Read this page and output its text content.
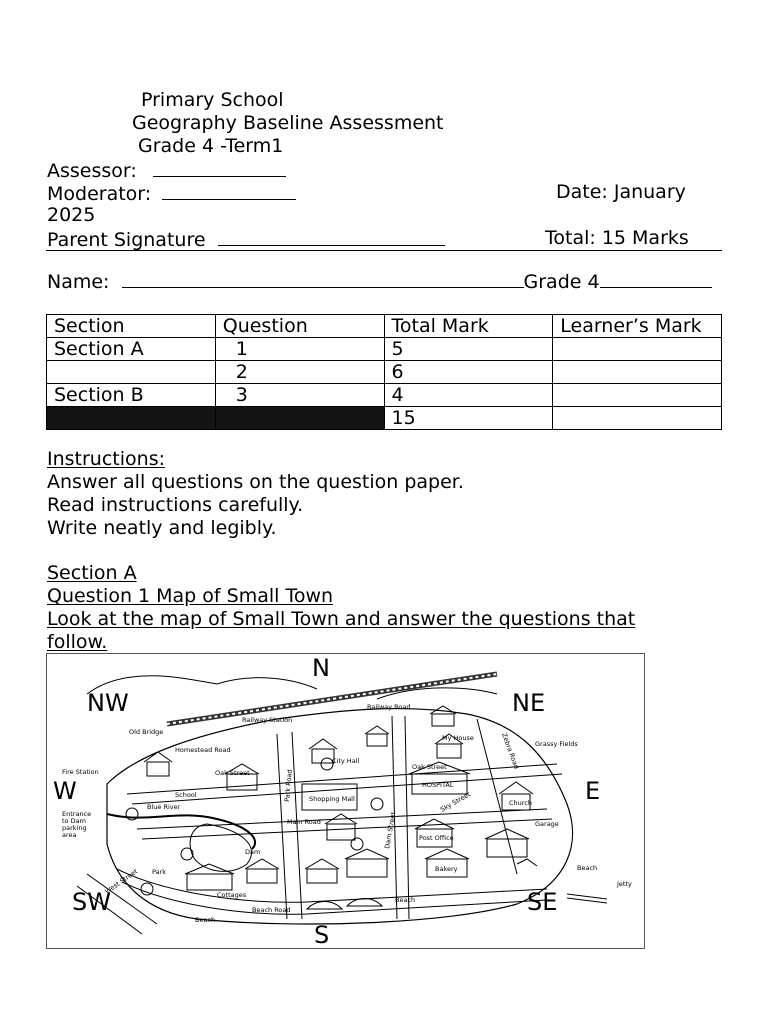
Primary School
Geography Baseline Assessment
Grade 4 -Term1
Assessor:
Moderator:	Date: January
2025
Parent Signature	Total: 15 Marks
Name:	Grade 4
Section	Question	Total Mark	Learner’s Mark
Section A	1	5	
	2	6	
Section B	3	4	
		15	
Instructions:
Answer all questions on the question paper.
Read instructions carefully.
Write neatly and legibly.
Section A
Question 1 Map of Small Town
Look at the map of Small Town and answer the questions that
follow.
N
NE
E
SE
S
SW
W
NW
Old Bridge
Railway Station
Railway Road
Homestead Road
My House
Grassy Fields
Fire Station	Oak Street
City Hall
Oak Street
School
Blue River
Entrance
to Dam
parking
area
Shopping Mall
Main Road
HOSPITAL
Post Office
Church
Garage
Dam
Park
Cottages
Bakery
Beach Road
Beach
Beach
Beach
Jetty
West Street
Dam Street
Park Road
Zebra Road
Sky Street
